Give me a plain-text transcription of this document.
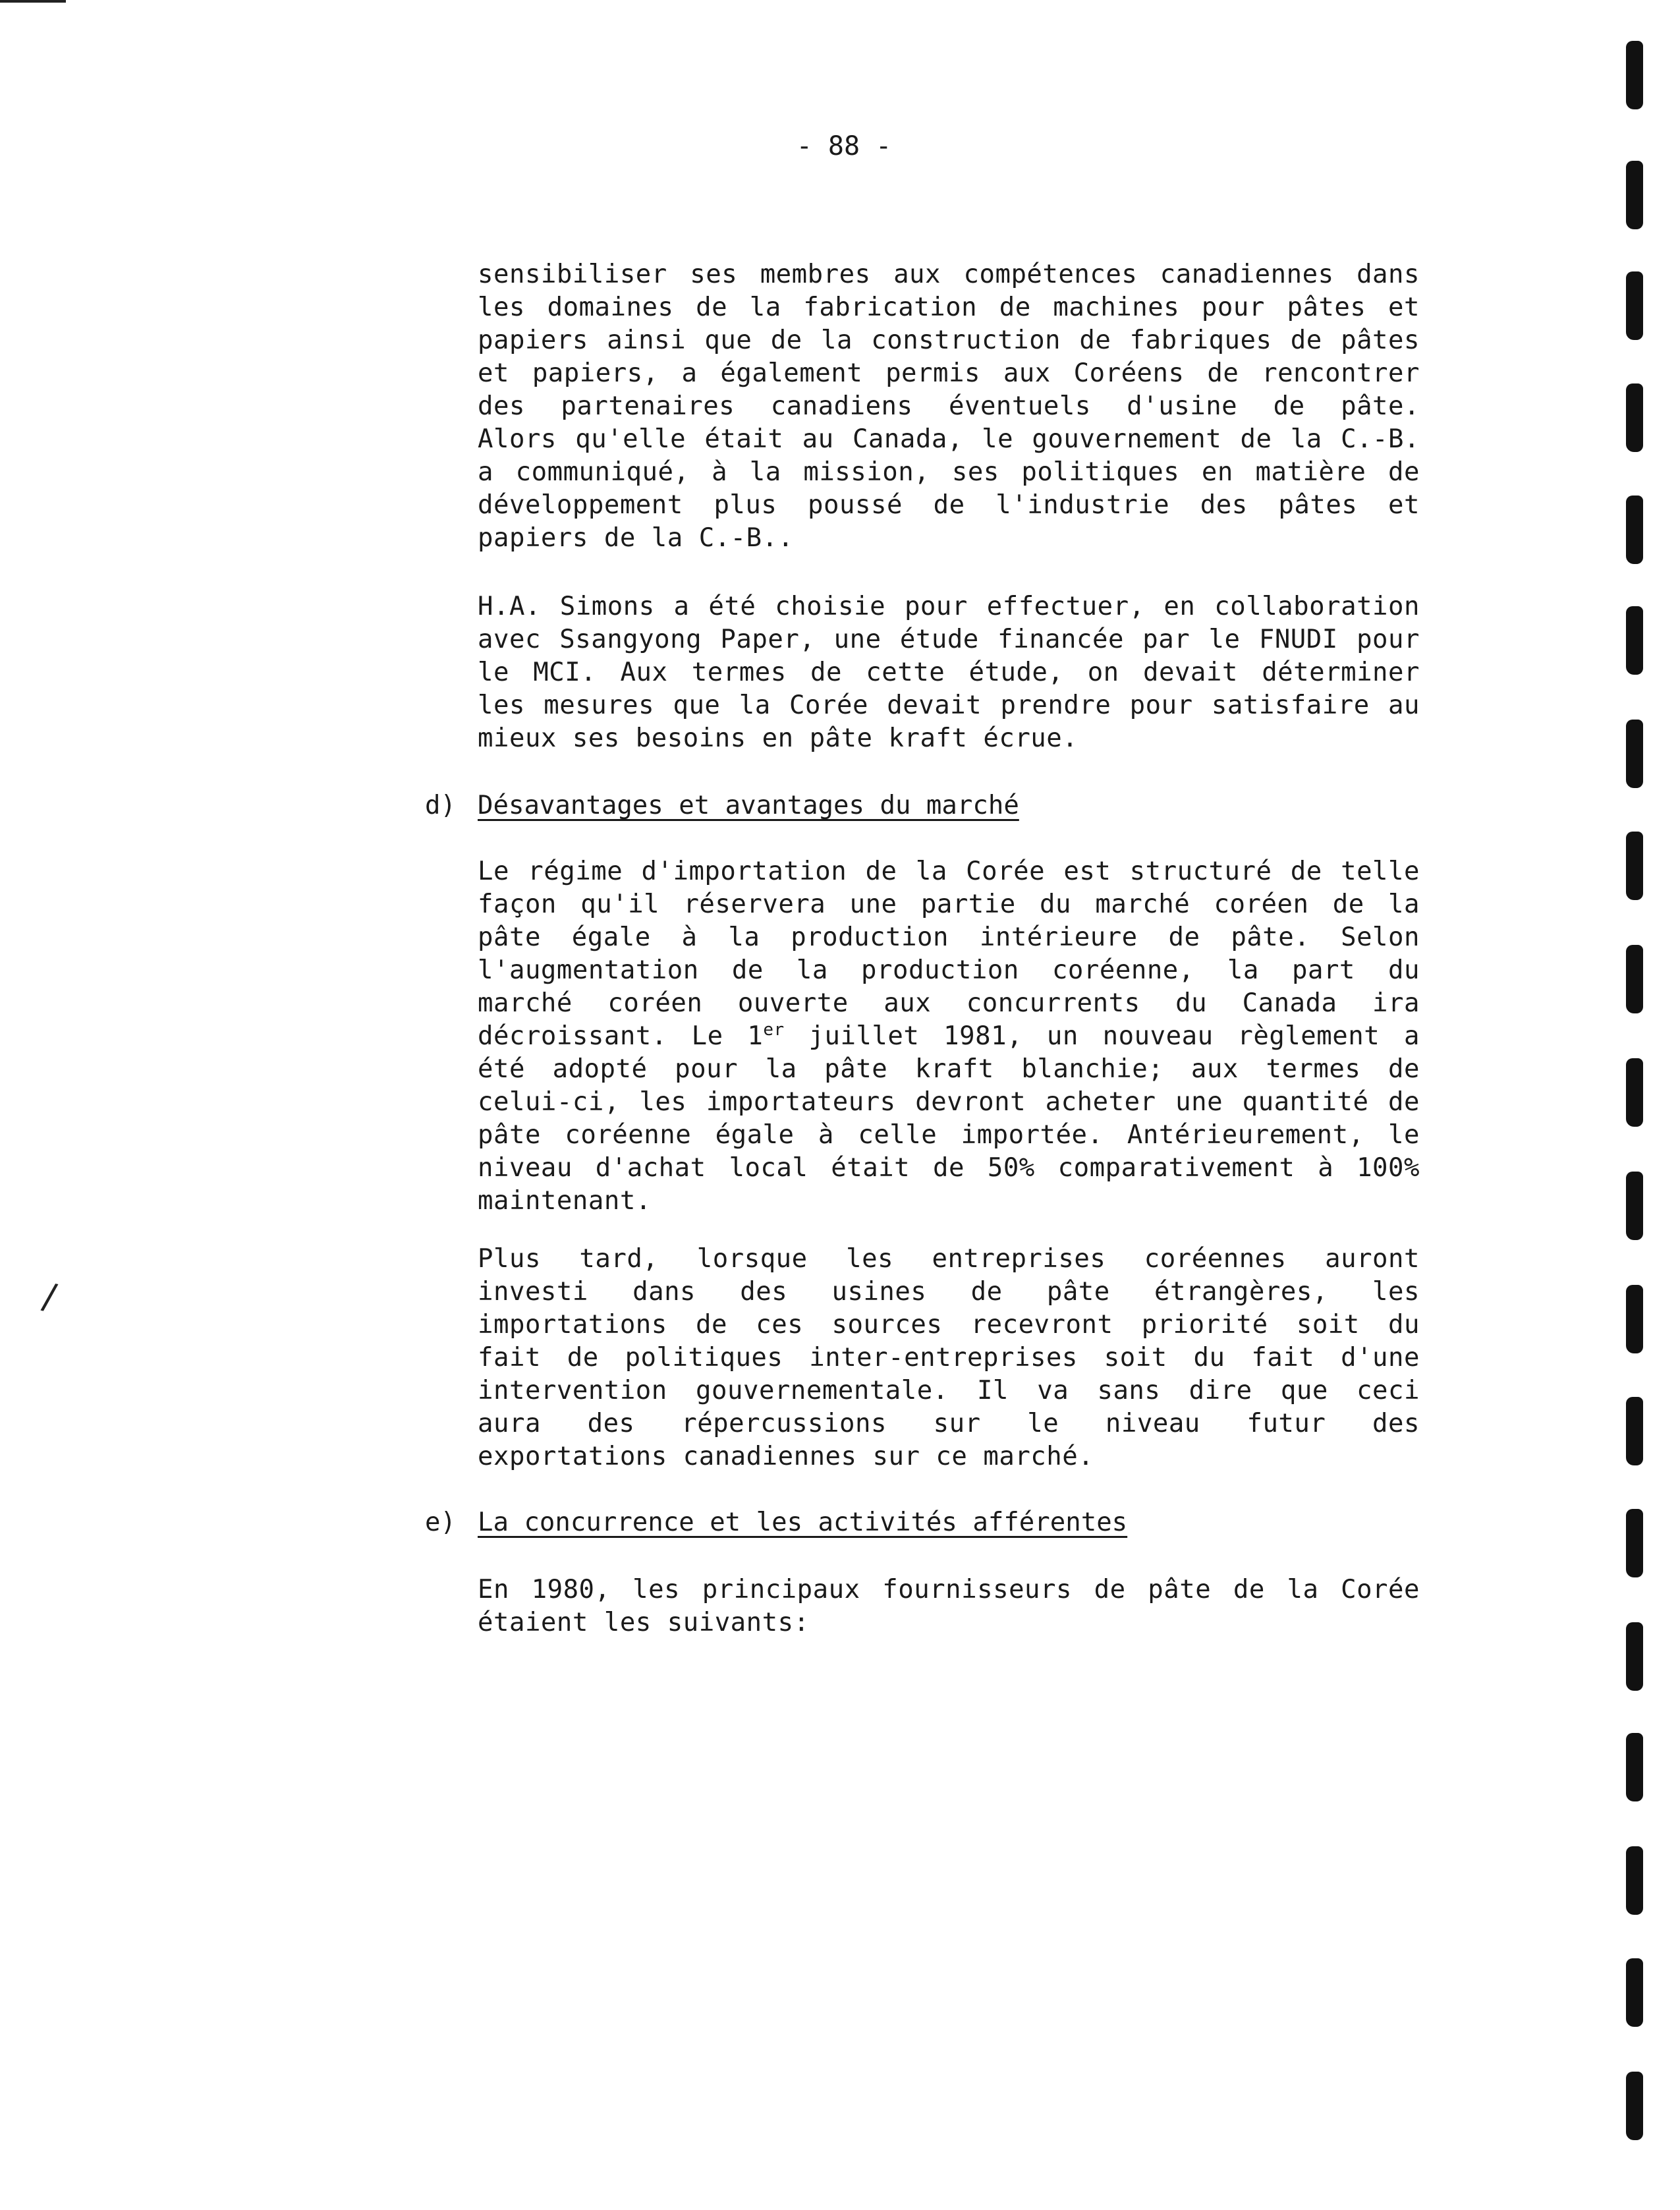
- 88 -
sensibiliser ses membres aux compétences canadiennes dans
les domaines de la fabrication de machines pour pâtes et
papiers ainsi que de la construction de fabriques de pâtes
et papiers, a également permis aux Coréens de rencontrer
des partenaires canadiens éventuels d'usine de pâte.
Alors qu'elle était au Canada, le gouvernement de la C.-B.
a communiqué, à la mission, ses politiques en matière de
développement plus poussé de l'industrie des pâtes et
papiers de la C.-B..
H.A. Simons a été choisie pour effectuer, en collaboration
avec Ssangyong Paper, une étude financée par le FNUDI pour
le MCI. Aux termes de cette étude, on devait déterminer
les mesures que la Corée devait prendre pour satisfaire au
mieux ses besoins en pâte kraft écrue.
d) Désavantages et avantages du marché
Le régime d'importation de la Corée est structuré de telle
façon qu'il réservera une partie du marché coréen de la
pâte égale à la production intérieure de pâte. Selon
l'augmentation de la production coréenne, la part du
marché coréen ouverte aux concurrents du Canada ira
décroissant. Le 1er juillet 1981, un nouveau règlement a
été adopté pour la pâte kraft blanchie; aux termes de
celui-ci, les importateurs devront acheter une quantité de
pâte coréenne égale à celle importée. Antérieurement, le
niveau d'achat local était de 50% comparativement à 100%
maintenant.
Plus tard, lorsque les entreprises coréennes auront
investi dans des usines de pâte étrangères, les
importations de ces sources recevront priorité soit du
fait de politiques inter-entreprises soit du fait d'une
intervention gouvernementale. Il va sans dire que ceci
aura des répercussions sur le niveau futur des
exportations canadiennes sur ce marché.
e) La concurrence et les activités afférentes
En 1980, les principaux fournisseurs de pâte de la Corée
étaient les suivants:
/
